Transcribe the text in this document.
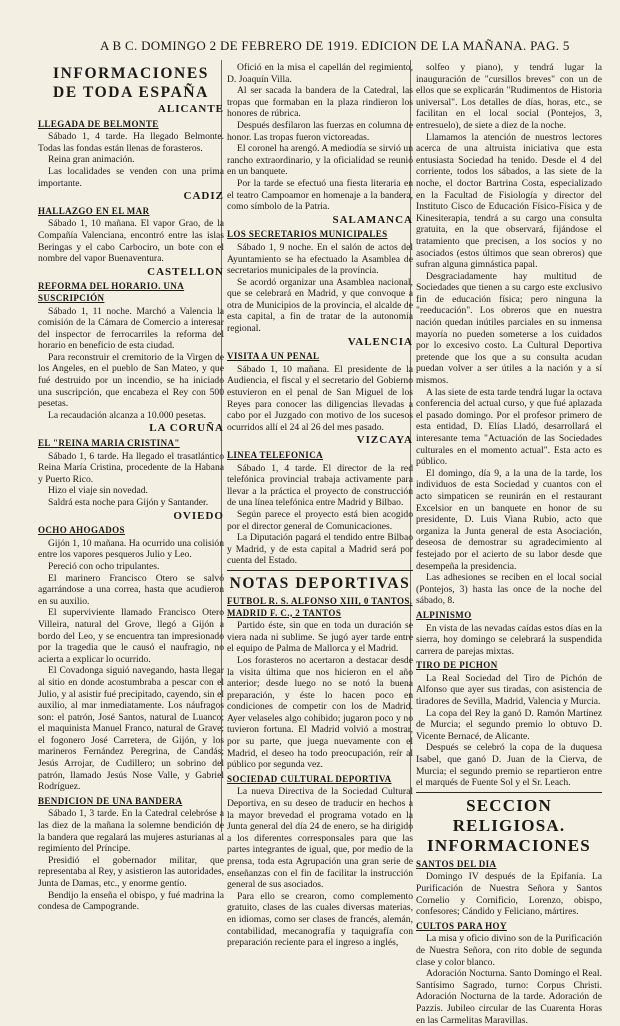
A B C. DOMINGO 2 DE FEBRERO DE 1919. EDICION DE LA MAÑANA. PAG. 5
INFORMACIONES DE TODA ESPAÑA
ALICANTE
LLEGADA DE BELMONTE

Sábado 1, 4 tarde. Ha llegado Belmonte. Todas las fondas están llenas de forasteros.

Reina gran animación.

Las localidades se venden con una prima importante.

CADIZ
HALLAZGO EN EL MAR

Sábado 1, 10 mañana. El vapor Grao, de la Compañía Valenciana, encontró entre las islas Beringas y el cabo Carbociro, un bote con el nombre del vapor Buenaventura.

CASTELLON
REFORMA DEL HORARIO. UNA SUSCRIPCIÓN

Sábado 1, 11 noche. Marchó a Valencia la comisión de la Cámara de Comercio a interesar del inspector de ferrocarriles la reforma del horario en beneficio de esta ciudad.

Para reconstruir el cremitorio de la Virgen de los Angeles, en el pueblo de San Mateo, y que fué destruido por un incendio, se ha iniciado una suscripción, que encabeza el Rey con 500 pesetas.

La recaudación alcanza a 10.000 pesetas.

LA CORUÑA
EL "REINA MARIA CRISTINA"

Sábado 1, 6 tarde. Ha llegado el trasatlántico Reina María Cristina, procedente de la Habana y Puerto Rico.

Hizo el viaje sin novedad.

Saldrá esta noche para Gijón y Santander.

OVIEDO
OCHO AHOGADOS

Gijón 1, 10 mañana. Ha ocurrido una colisión entre los vapores pesqueros Julio y Leo.

Pereció con ocho tripulantes.

El marinero Francisco Otero se salvó agarrándose a una correa, hasta que acudieron en su auxilio.

El superviviente llamado Francisco Otero Villeira, natural del Grove, llegó a Gijón a bordo del Leo, y se encuentra tan impresionado por la tragedia que le causó el naufragio, no acierta a explicar lo ocurrido.

El Covadonga siguió navegando, hasta llegar al sitio en donde acostumbraba a pescar con el Julio, y al asistir fué precipitado, cayendo, sin el auxilio, al mar inmediatamente. Los náufragos son: el patrón, José Santos, natural de Luanco; el maquinista Manuel Franco, natural de Grave; el fogonero José Carretera, de Gijón, y los marineros Fernández Peregrina, de Candás; Jesús Arrojar, de Cudillero; un sobrino del patrón, llamado Jesús Nose Valle, y Gabriel Rodríguez.

BENDICION DE UNA BANDERA

Sábado 1, 3 tarde. En la Catedral celebróse a las diez de la mañana la solemne bendición de la bandera que regalará las mujeres asturianas al regimiento del Príncipe.

Presidió el gobernador militar, que representaba al Rey, y asistieron las autoridades, Junta de Damas, etc., y enorme gentío.

Bendijo la enseña el obispo, y fué madrina la condesa de Campogrande.

Ofició en la misa el capellán del regimiento, D. Joaquín Villa.

Al ser sacada la bandera de la Catedral, las tropas que formaban en la plaza rindieron los honores de rúbrica.

Después desfilaron las fuerzas en columna de honor. Las tropas fueron victoreadas.

El coronel ha arengó. A mediodía se sirvió un rancho extraordinario, y la oficialidad se reunió en un banquete.

Por la tarde se efectuó una fiesta literaria en el teatro Campoamor en homenaje a la bandera, como símbolo de la Patria.

SALAMANCA
LOS SECRETARIOS MUNICIPALES

Sábado 1, 9 noche. En el salón de actos del Ayuntamiento se ha efectuado la Asamblea de secretarios municipales de la provincia.

Se acordó organizar una Asamblea nacional, que se celebrará en Madrid, y que convoque a otra de Municipios de la provincia, el alcalde de esta capital, a fin de tratar de la autonomía regional.

VALENCIA
VISITA A UN PENAL

Sábado 1, 10 mañana. El presidente de la Audiencia, el fiscal y el secretario del Gobierno estuvieron en el penal de San Miguel de los Reyes para conocer las diligencias llevadas a cabo por el Juzgado con motivo de los sucesos ocurridos allí el 24 al 26 del mes pasado.

VIZCAYA
LINEA TELEFONICA

Sábado 1, 4 tarde. El director de la red telefónica provincial trabaja activamente para llevar a la práctica el proyecto de construcción de una línea telefónica entre Madrid y Bilbao.

Según parece el proyecto está bien acogido por el director general de Comunicaciones.

La Diputación pagará el tendido entre Bilbao y Madrid, y de esta capital a Madrid será por cuenta del Estado.

NOTAS DEPORTIVAS
FUTBOL R. S. ALFONSO XIII, 0 TANTOS. MADRID F. C., 2 TANTOS

Partido éste, sin que en toda un duración se viera nada ni sublime. Se jugó ayer tarde entre el equipo de Palma de Mallorca y el Madrid.

Los forasteros no acertaron a destacar desde la visita última que nos hicieron en el año anterior; desde luego no se notó la buena preparación, y éste lo hacen poco en condiciones de competir con los de Madrid. Ayer velaseles algo cohibido; jugaron poco y no tuvieron fortuna. El Madrid volvió a mostrar, por su parte, que juega nuevamente con el Madrid, el deseo ha todo preocupación, reír al público por segunda vez.

SOCIEDAD CULTURAL DEPORTIVA

La nueva Directiva de la Sociedad Cultural Deportiva, en su deseo de traducir en hechos a la mayor brevedad el programa votado en la Junta general del día 24 de enero, se ha dirigido a los diferentes corresponsales para que las partes integrantes de igual, que, por medio de la prensa, toda esta Agrupación una gran serie de enseñanzas con el fin de facilitar la instrucción general de sus asociados.

Para ello se crearon, como complemento gratuito, clases de las cuales diversas materias, en idiomas, como ser clases de francés, alemán, contabilidad, mecanografía y taquigrafía con preparación reciente para el ingreso a inglés,

solfeo y piano), y tendrá lugar la inauguración de "cursillos breves" con un de ellos que se explicarán "Rudimentos de Historia universal". Los detalles de días, horas, etc., se facilitan en el local social (Pontejos, 3, entresuelo), de siete a diez de la noche.

Llamamos la atención de nuestros lectores acerca de una altruista iniciativa que esta entusiasta Sociedad ha tenido. Desde el 4 del corriente, todos los sábados, a las siete de la noche, el doctor Bartrina Costa, especializado en la Facultad de Fisiología y director del Instituto Cisco de Educación Físico-Física y de Kinesiterapia, tendrá a su cargo una consulta gratuita, en la que observará, fijándose el tratamiento que precisen, a los socios y no asociados (estos últimos que sean obreros) que sufran alguna gimnástica papal.

Desgraciadamente hay multitud de Sociedades que tienen a su cargo este exclusivo fin de educación física; pero ninguna la "reeducación". Los obreros que en nuestra nación quedan inútiles parciales en su inmensa mayoría no pueden someterse a los cuidados por lo excesivo costo. La Cultural Deportiva pretende que los que a su consulta acudan puedan volver a ser útiles a la nación y a sí mismos.

A las siete de esta tarde tendrá lugar la octava conferencia del actual curso, y que fué aplazada el pasado domingo. Por el profesor primero de esta entidad, D. Elías Lladó, desarrollará el interesante tema "Actuación de las Sociedades culturales en el momento actual". Esta acto es público.

El domingo, día 9, a la una de la tarde, los individuos de esta Sociedad y cuantos con el acto simpaticen se reunirán en el restaurant Excelsior en un banquete en honor de su presidente, D. Luis Viana Rubio, acto que organiza la Junta general de esta Asociación, deseosa de demostrar su agradecimiento al festejado por el acierto de su labor desde que desempeña la presidencia.

Las adhesiones se reciben en el local social (Pontejos, 3) hasta las once de la noche del sábado, 8.

ALPINISMO

En vista de las nevadas caídas estos días en la sierra, hoy domingo se celebrará la suspendida carrera de parejas mixtas.

TIRO DE PICHON

La Real Sociedad del Tiro de Pichón de Alfonso que ayer sus tiradas, con asistencia de tiradores de Sevilla, Madrid, Valencia y Murcia.

La copa del Rey la ganó D. Ramón Martínez de Murcia; el segundo premio lo obtuvo D. Vicente Bernacé, de Alicante.

Después se celebró la copa de la duquesa Isabel, que ganó D. Juan de la Cierva, de Murcia; el segundo premio se repartieron entre el marqués de Fuente Sol y el Sr. Leach.

SECCION RELIGIOSA. INFORMACIONES
SANTOS DEL DIA

Domingo IV después de la Epifanía. La Purificación de Nuestra Señora y Santos Cornelio y Cornificio, Lorenzo, obispo, confesores; Cándido y Feliciano, mártires.

CULTOS PARA HOY

La misa y oficio divino son de la Purificación de Nuestra Señora, con rito doble de segunda clase y color blanco.

Adoración Nocturna. Santo Domingo el Real. Santísimo Sagrado, turno: Corpus Christi. Adoración Nocturna de la tarde. Adoración de Pazzis. Jubileo circular de las Cuarenta Horas en las Carmelitas Maravillas.
